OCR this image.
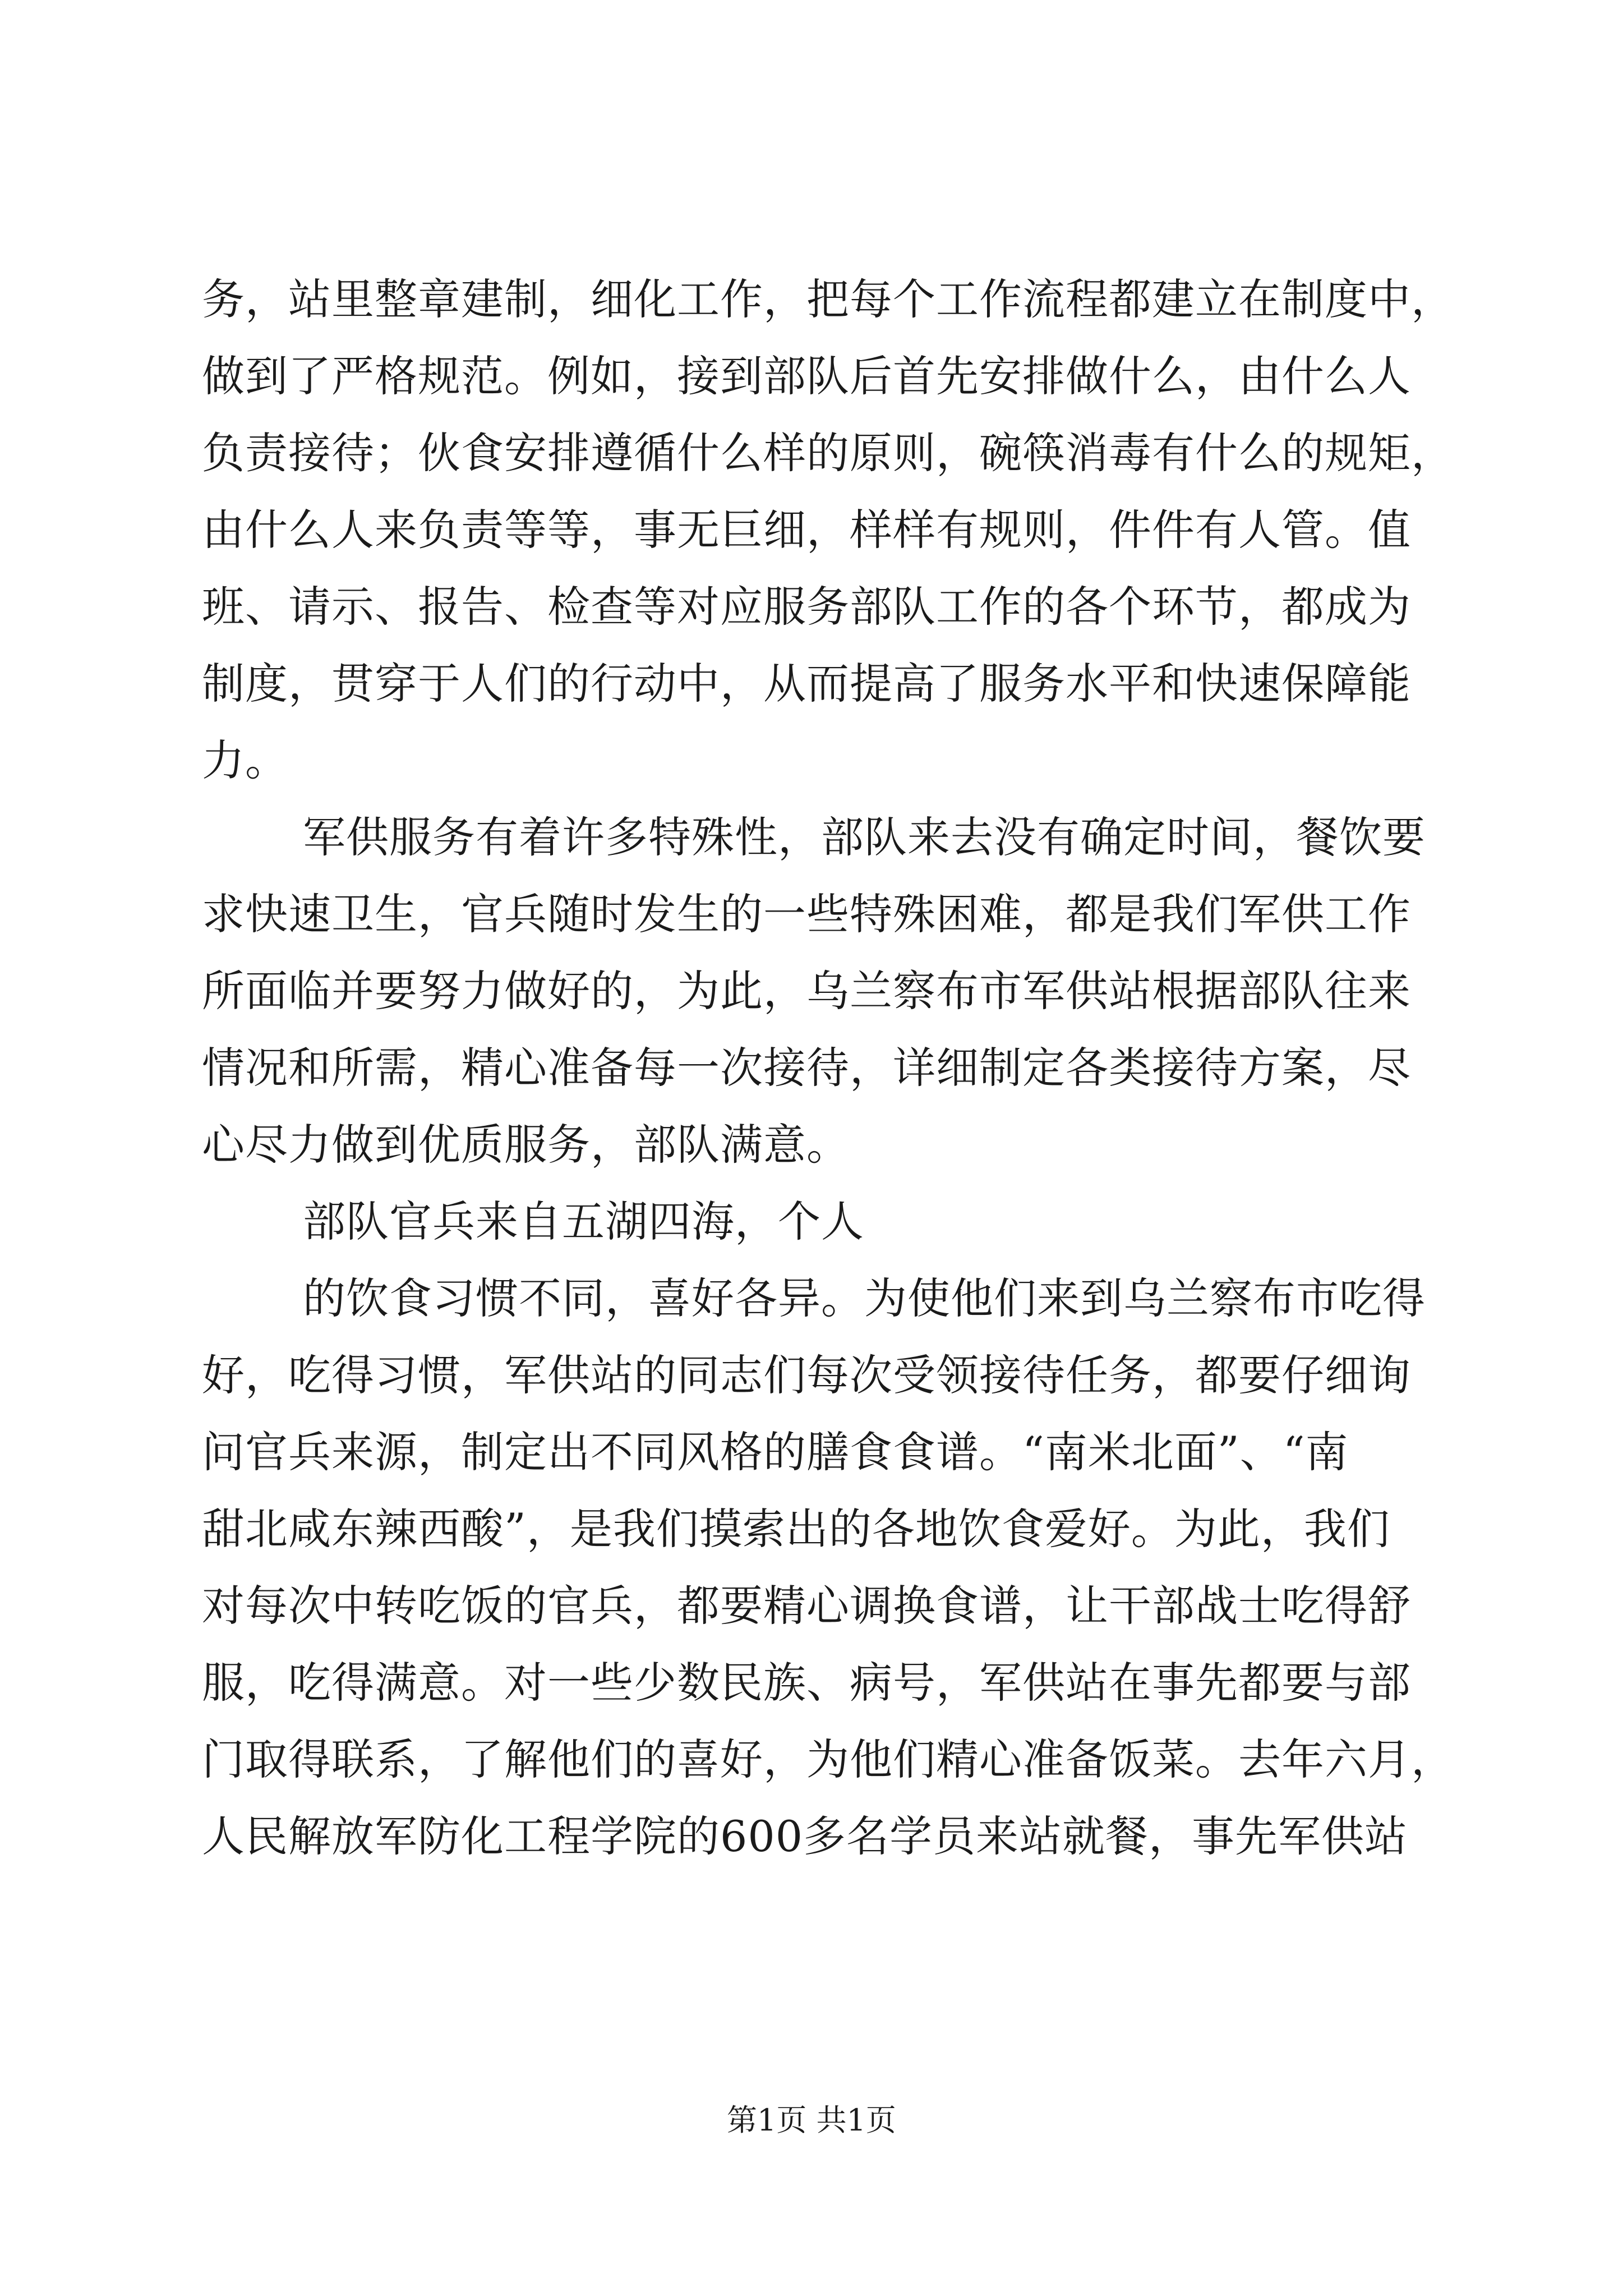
务，站里整章建制，细化工作，把每个工作流程都建立在制度中，
做到了严格规范。例如，接到部队后首先安排做什么，由什么人
负责接待；伙食安排遵循什么样的原则，碗筷消毒有什么的规矩，
由什么人来负责等等，事无巨细，样样有规则，件件有人管。值
班、请示、报告、检查等对应服务部队工作的各个环节，都成为
制度，贯穿于人们的行动中，从而提高了服务水平和快速保障能
力。
军供服务有着许多特殊性，部队来去没有确定时间，餐饮要
求快速卫生，官兵随时发生的一些特殊困难，都是我们军供工作
所面临并要努力做好的，为此，乌兰察布市军供站根据部队往来
情况和所需，精心准备每一次接待，详细制定各类接待方案，尽
心尽力做到优质服务，部队满意。
部队官兵来自五湖四海，个人
的饮食习惯不同，喜好各异。为使他们来到乌兰察布市吃得
好，吃得习惯，军供站的同志们每次受领接待任务，都要仔细询
问官兵来源，制定出不同风格的膳食食谱。“南米北面”、“南
甜北咸东辣西酸”，是我们摸索出的各地饮食爱好。为此，我们
对每次中转吃饭的官兵，都要精心调换食谱，让干部战士吃得舒
服，吃得满意。对一些少数民族、病号，军供站在事先都要与部
门取得联系，了解他们的喜好，为他们精心准备饭菜。去年六月，
人民解放军防化工程学院的600多名学员来站就餐，事先军供站
第1页 共1页
